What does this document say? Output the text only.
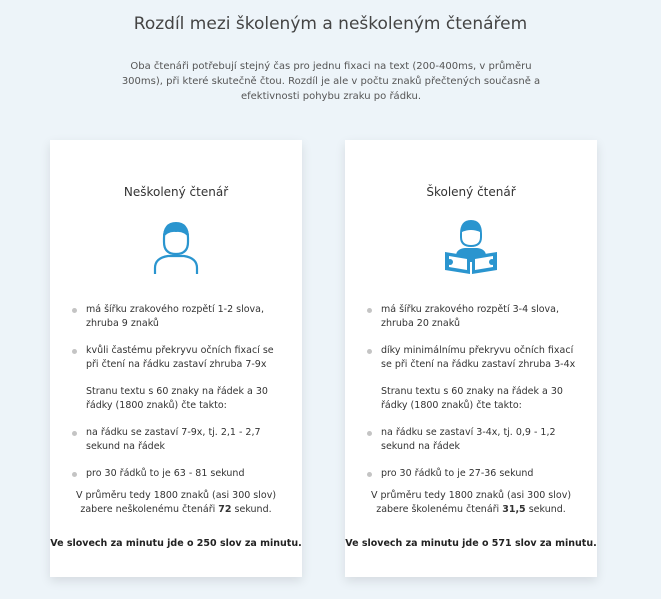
Rozdíl mezi školeným a neškoleným čtenářem

Oba čtenáři potřebují stejný čas pro jednu fixaci na text (200-400ms, v průměru 300ms), při které skutečně čtou. Rozdíl je ale v počtu znaků přečtených současně a efektivnosti pohybu zraku po řádku.

Neškolený čtenář
má šířku zrakového rozpětí 1-2 slova, zhruba 9 znaků
kvůli častému překryvu očních fixací se při čtení na řádku zastaví zhruba 7-9x
Stranu textu s 60 znaky na řádek a 30 řádky (1800 znaků) čte takto:
na řádku se zastaví 7-9x, tj. 2,1 - 2,7 sekund na řádek
pro 30 řádků to je 63 - 81 sekund

V průměru tedy 1800 znaků (asi 300 slov) zabere neškolenému čtenáři 72 sekund.

Ve slovech za minutu jde o 250 slov za minutu.

Školený čtenář
má šířku zrakového rozpětí 3-4 slova, zhruba 20 znaků
díky minimálnímu překryvu očních fixací se při čtení na řádku zastaví zhruba 3-4x
Stranu textu s 60 znaky na řádek a 30 řádky (1800 znaků) čte takto:
na řádku se zastaví 3-4x, tj. 0,9 - 1,2 sekund na řádek
pro 30 řádků to je 27-36 sekund

V průměru tedy 1800 znaků (asi 300 slov) zabere školenému čtenáři 31,5 sekund.

Ve slovech za minutu jde o 571 slov za minutu.
